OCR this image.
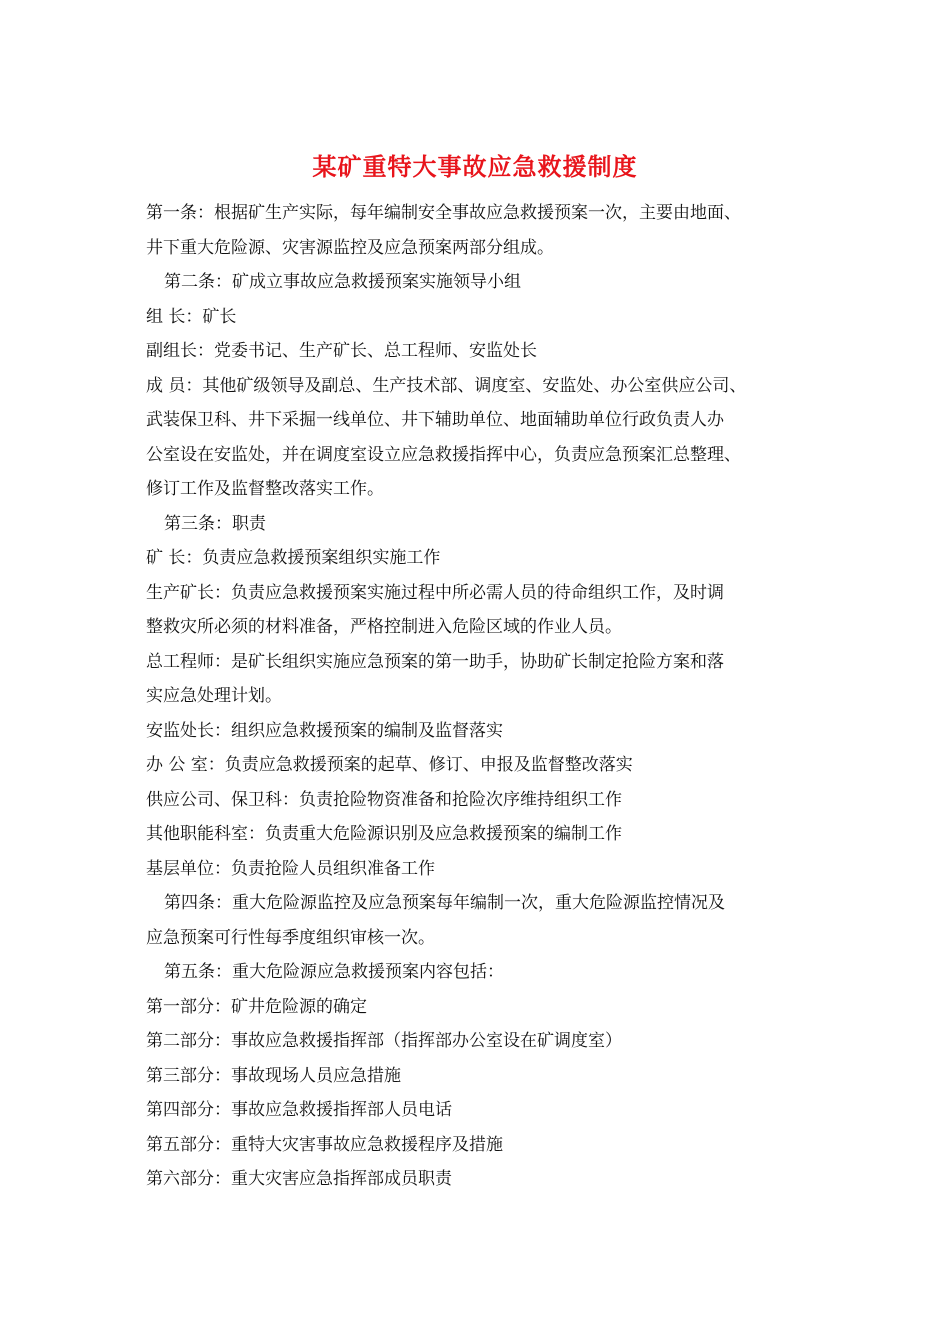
某矿重特大事故应急救援制度
第一条：根据矿生产实际，每年编制安全事故应急救援预案一次，主要由地面、
井下重大危险源、灾害源监控及应急预案两部分组成。
第二条：矿成立事故应急救援预案实施领导小组
组 长：矿长
副组长：党委书记、生产矿长、总工程师、安监处长
成 员：其他矿级领导及副总、生产技术部、调度室、安监处、办公室供应公司、
武装保卫科、井下采掘一线单位、井下辅助单位、地面辅助单位行政负责人办
公室设在安监处，并在调度室设立应急救援指挥中心，负责应急预案汇总整理、
修订工作及监督整改落实工作。
第三条：职责
矿 长：负责应急救援预案组织实施工作
生产矿长：负责应急救援预案实施过程中所必需人员的待命组织工作，及时调
整救灾所必须的材料准备，严格控制进入危险区域的作业人员。
总工程师：是矿长组织实施应急预案的第一助手，协助矿长制定抢险方案和落
实应急处理计划。
安监处长：组织应急救援预案的编制及监督落实
办 公 室：负责应急救援预案的起草、修订、申报及监督整改落实
供应公司、保卫科：负责抢险物资准备和抢险次序维持组织工作
其他职能科室：负责重大危险源识别及应急救援预案的编制工作
基层单位：负责抢险人员组织准备工作
第四条：重大危险源监控及应急预案每年编制一次，重大危险源监控情况及
应急预案可行性每季度组织审核一次。
第五条：重大危险源应急救援预案内容包括：
第一部分：矿井危险源的确定
第二部分：事故应急救援指挥部（指挥部办公室设在矿调度室）
第三部分：事故现场人员应急措施
第四部分：事故应急救援指挥部人员电话
第五部分：重特大灾害事故应急救援程序及措施
第六部分：重大灾害应急指挥部成员职责
